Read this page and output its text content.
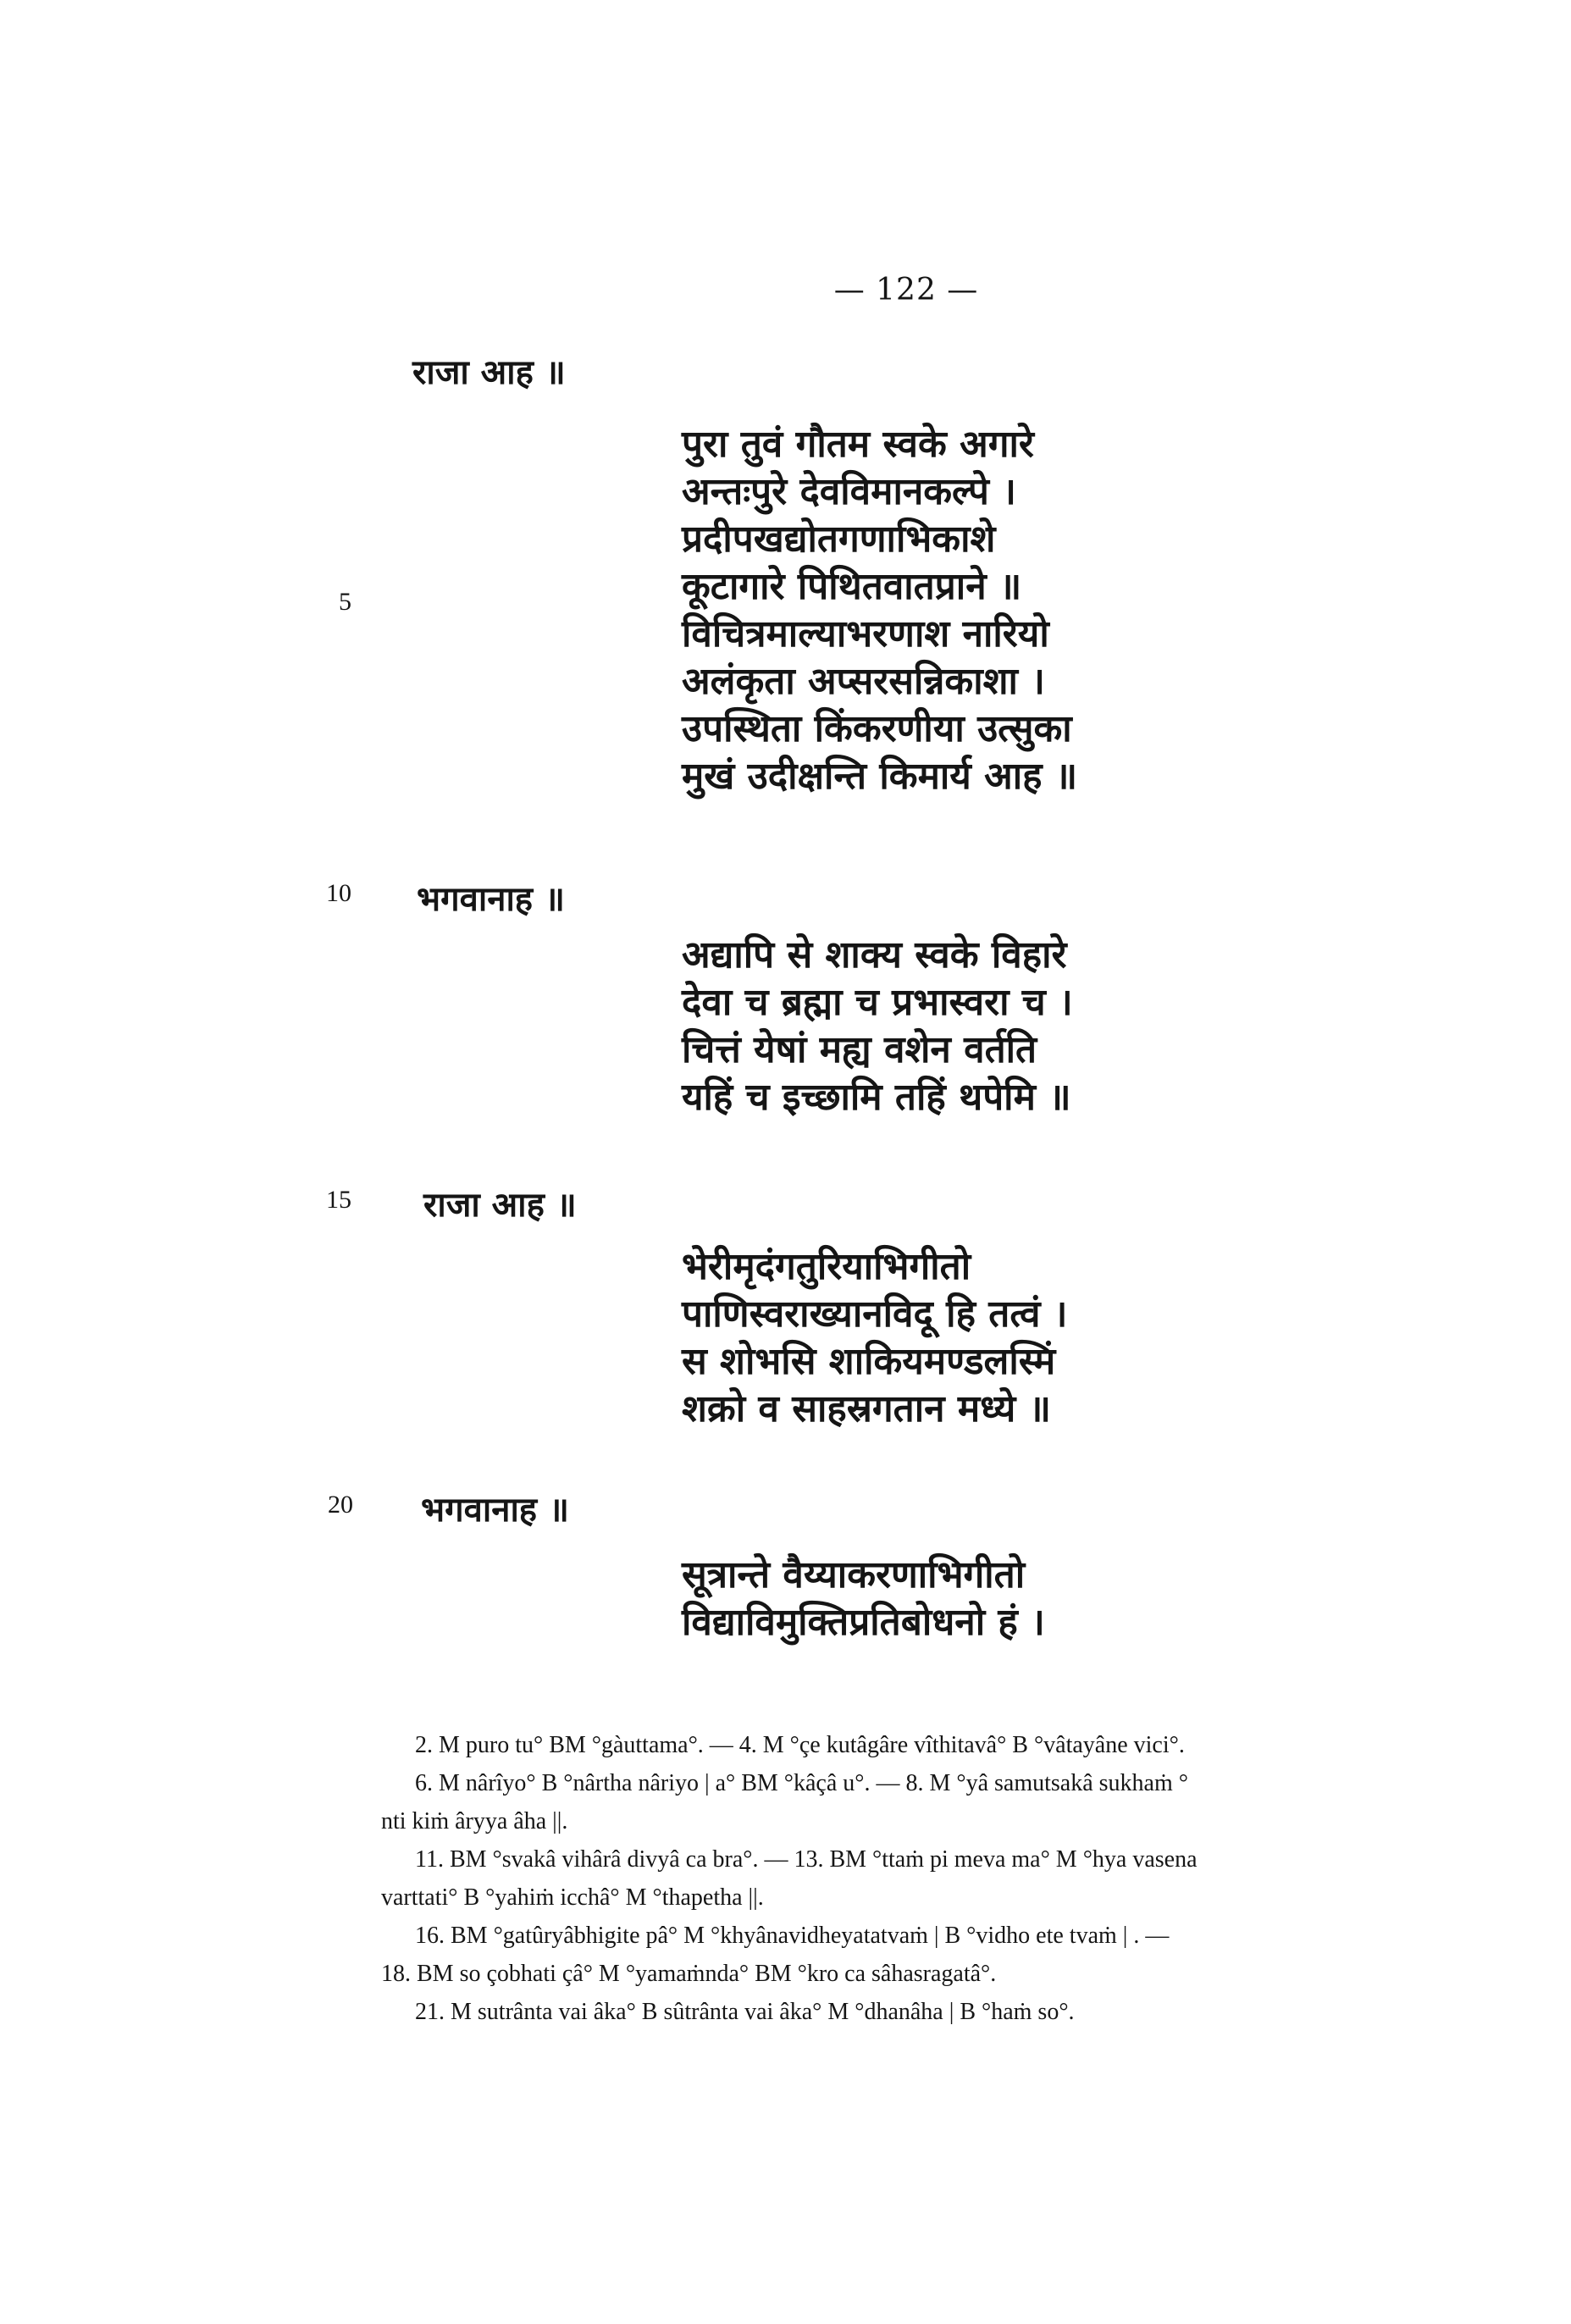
— 122 —
राजा आह ॥
पुरा तुवं गौतम स्वके अगारे
अन्तःपुरे देवविमानकल्पे ।
प्रदीपखद्योतगणाभिकाशे
कूटागारे पिथितवातप्राने ॥
विचित्रमाल्याभरणाश नारियो
अलंकृता अप्सरसन्निकाशा ।
उपस्थिता किंकरणीया उत्सुका
मुखं उदीक्षन्ति किमार्य आह ॥
5
10 भगवानाह ॥
अद्यापि से शाक्य स्वके विहारे
देवा च ब्रह्मा च प्रभास्वरा च ।
चित्तं येषां मह्य वशेन वर्तति
यहिं च इच्छामि तहिं थपेमि ॥
15 राजा आह ॥
भेरीमृदंगतुरियाभिगीतो
पाणिस्वराख्यानविदू हि तत्वं ।
स शोभसि शाकियमण्डलस्मिं
शक्रो व साहस्रगतान मध्ये ॥
20 भगवानाह ॥
सूत्रान्ते वैय्याकरणाभिगीतो
विद्याविमुक्तिप्रतिबोधनो हं ।
2. M puro tu° BM °gàuttama°. — 4. M °çe kutâgâre vîthitavâ° B °vâtayâne vici°.
6. M nârîyo° B °nârtha nâriyo | a° BM °kâçâ u°. — 8. M °yâ samutsakâ sukhaṁ °
nti kiṁ âryya âha ||.
11. BM °svakâ vihârâ divyâ ca bra°. — 13. BM °ttaṁ pi meva ma° M °hya vasena
varttati° B °yahiṁ icchâ° M °thapetha ||.
16. BM °gatûryâbhigite pâ° M °khyânavidheyatatvaṁ | B °vidho ete tvaṁ | . —
18. BM so çobhati çâ° M °yamaṁnda° BM °kro ca sâhasragatâ°.
21. M sutrânta vai âka° B sûtrânta vai âka° M °dhanâha | B °haṁ so°.
